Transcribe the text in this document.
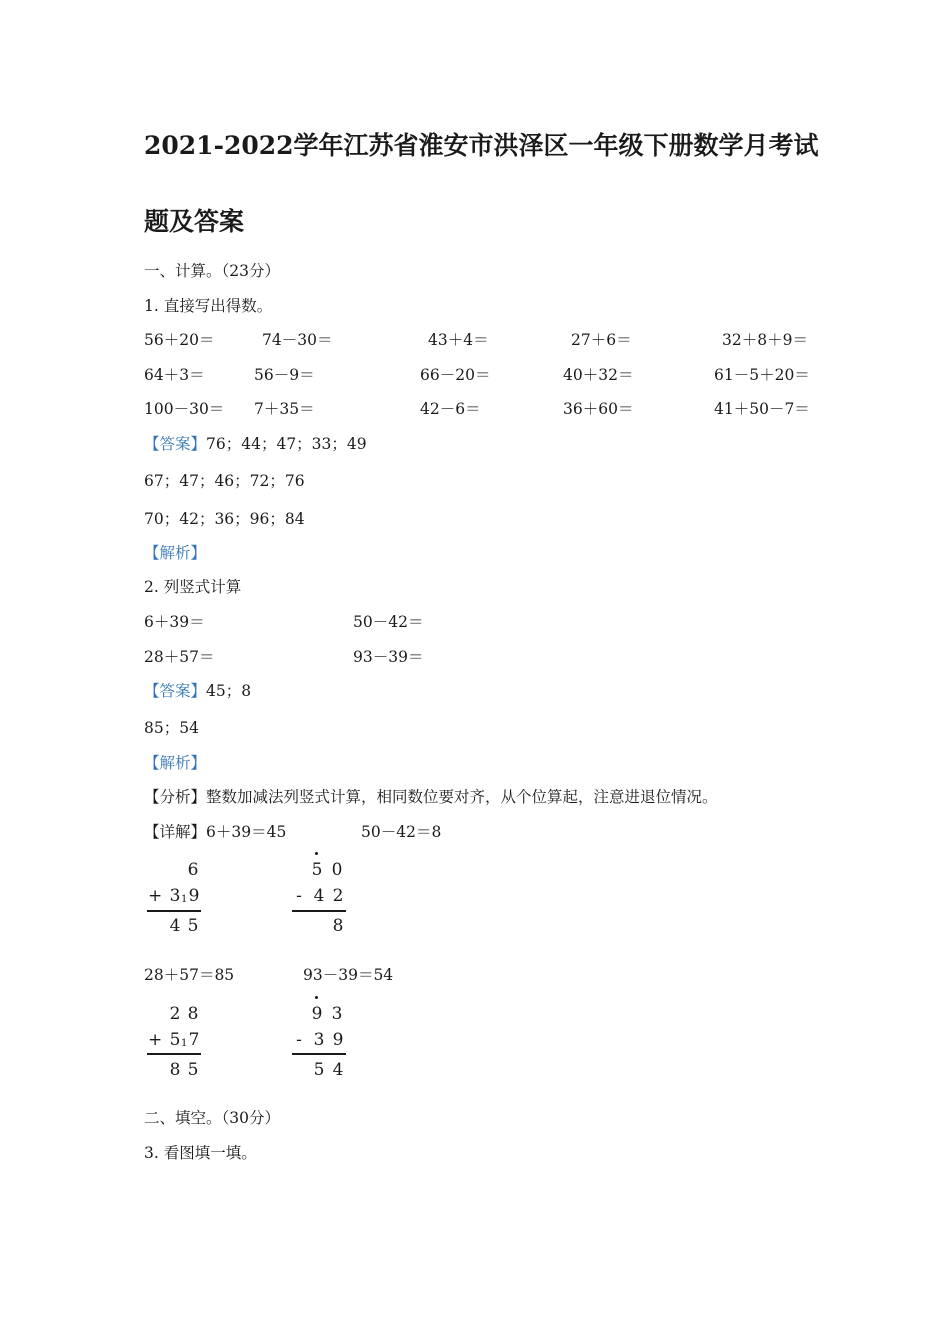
2021-2022学年江苏省淮安市洪泽区一年级下册数学月考试
题及答案
一、计算。（23分）
1. 直接写出得数。
56＋20＝	74－30＝	43＋4＝	27＋6＝	32＋8＋9＝
64＋3＝	56－9＝	66－20＝	40＋32＝	61－5＋20＝
100－30＝ 7＋35＝	42－6＝	36＋60＝	41＋50－7＝
【答案】76；44；47；33；49
67；47；46；72；76
70；42；36；96；84
【解析】
2. 列竖式计算
6＋39＝	50－42＝
28＋57＝	93－39＝
【答案】45；8
85；54
【解析】
【分析】整数加减法列竖式计算，相同数位要对齐，从个位算起，注意进退位情况。
【详解】6＋39＝45	50－42＝8
6
+ 3 1 9
4 5
5 0
- 4 2
8
28＋57＝85	93－39＝54
2 8
+ 5 1 7
8 5
9 3
- 3 9
5 4
二、填空。（30分）
3. 看图填一填。
